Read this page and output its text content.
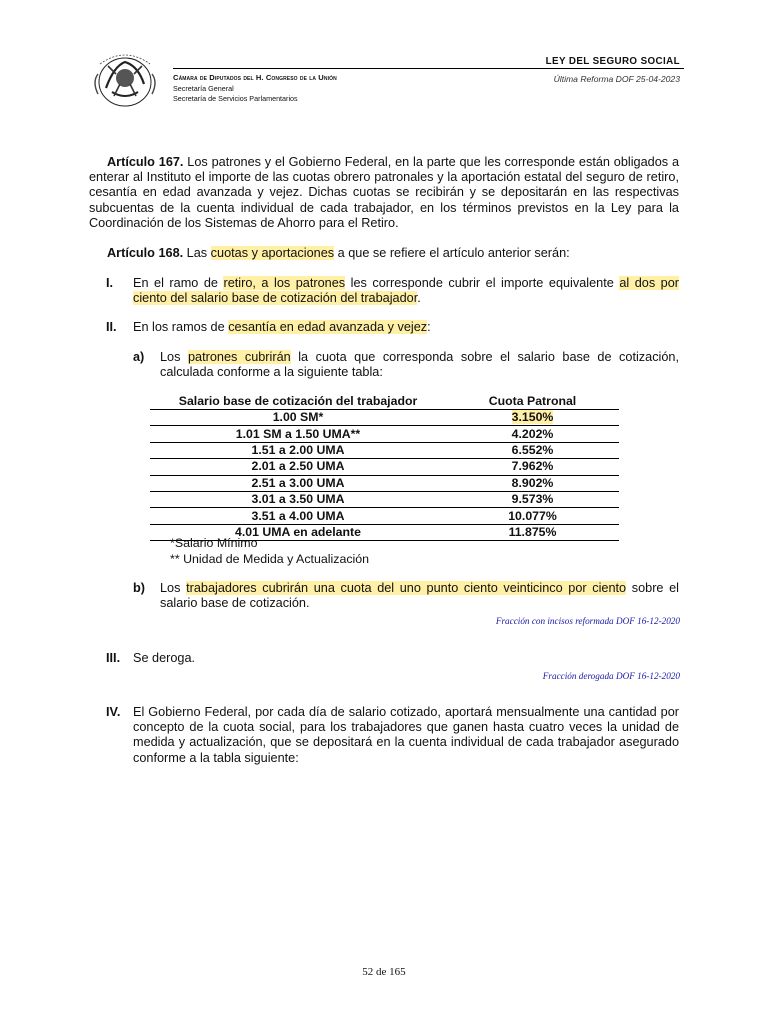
LEY DEL SEGURO SOCIAL
Cámara de Diputados del H. Congreso de la Unión
Secretaría General
Secretaría de Servicios Parlamentarios
Última Reforma DOF 25-04-2023
Artículo 167. Los patrones y el Gobierno Federal, en la parte que les corresponde están obligados a enterar al Instituto el importe de las cuotas obrero patronales y la aportación estatal del seguro de retiro, cesantía en edad avanzada y vejez. Dichas cuotas se recibirán y se depositarán en las respectivas subcuentas de la cuenta individual de cada trabajador, en los términos previstos en la Ley para la Coordinación de los Sistemas de Ahorro para el Retiro.
Artículo 168. Las cuotas y aportaciones a que se refiere el artículo anterior serán:
I. En el ramo de retiro, a los patrones les corresponde cubrir el importe equivalente al dos por ciento del salario base de cotización del trabajador.
II. En los ramos de cesantía en edad avanzada y vejez:
a) Los patrones cubrirán la cuota que corresponda sobre el salario base de cotización, calculada conforme a la siguiente tabla:
Salario base de cotización del trabajador	Cuota Patronal
1.00 SM*	3.150%
1.01 SM a 1.50 UMA**	4.202%
1.51 a 2.00 UMA	6.552%
2.01 a 2.50 UMA	7.962%
2.51 a 3.00 UMA	8.902%
3.01 a 3.50 UMA	9.573%
3.51 a 4.00 UMA	10.077%
4.01 UMA en adelante	11.875%
*Salario Mínimo
** Unidad de Medida y Actualización
b) Los trabajadores cubrirán una cuota del uno punto ciento veinticinco por ciento sobre el salario base de cotización.
Fracción con incisos reformada DOF 16-12-2020
III. Se deroga.
Fracción derogada DOF 16-12-2020
IV. El Gobierno Federal, por cada día de salario cotizado, aportará mensualmente una cantidad por concepto de la cuota social, para los trabajadores que ganen hasta cuatro veces la unidad de medida y actualización, que se depositará en la cuenta individual de cada trabajador asegurado conforme a la tabla siguiente:
52 de 165
